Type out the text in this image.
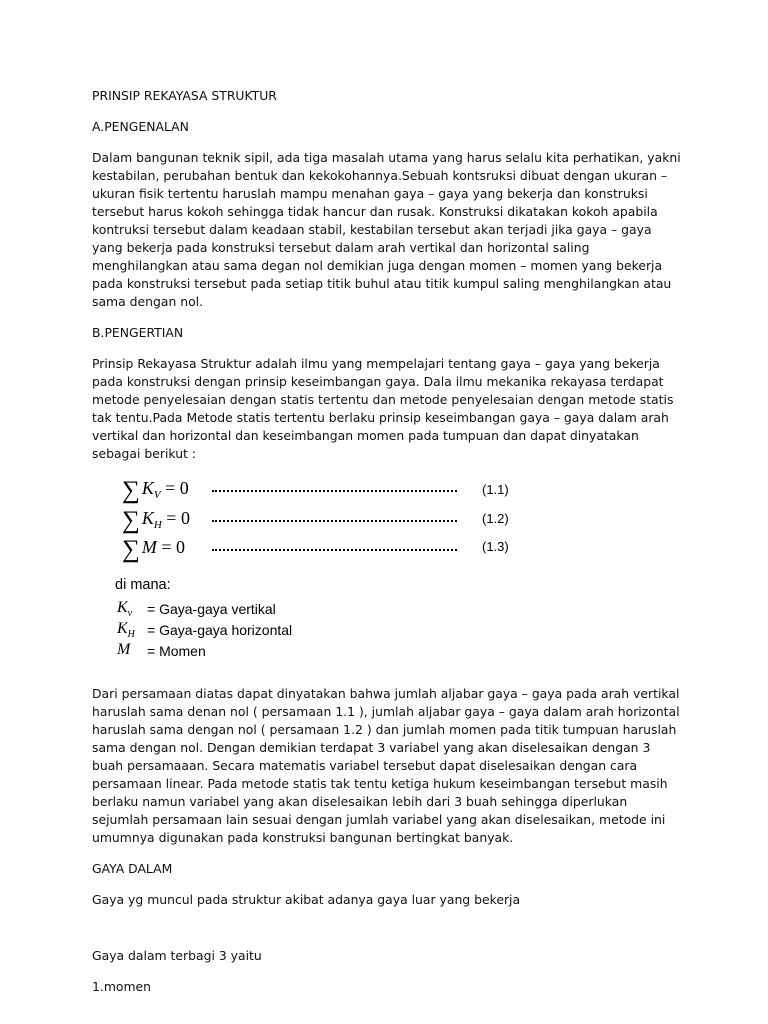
PRINSIP REKAYASA STRUKTUR

A.PENGENALAN

Dalam bangunan teknik sipil, ada tiga masalah utama yang harus selalu kita perhatikan, yakni kestabilan, perubahan bentuk dan kekokohannya.Sebuah kontsruksi dibuat dengan ukuran – ukuran fisik tertentu haruslah mampu menahan gaya – gaya yang bekerja dan konstruksi tersebut harus kokoh sehingga tidak hancur dan rusak. Konstruksi dikatakan kokoh apabila kontruksi tersebut dalam keadaan stabil, kestabilan tersebut akan terjadi jika gaya – gaya yang bekerja pada konstruksi tersebut dalam arah vertikal dan horizontal saling menghilangkan atau sama degan nol demikian juga dengan momen – momen yang bekerja pada konstruksi tersebut pada setiap titik buhul atau titik kumpul saling menghilangkan atau sama dengan nol.

B.PENGERTIAN

Prinsip Rekayasa Struktur adalah ilmu yang mempelajari tentang gaya – gaya yang bekerja pada konstruksi dengan prinsip keseimbangan gaya. Dala ilmu mekanika rekayasa terdapat metode penyelesaian dengan statis tertentu dan metode penyelesaian dengan metode statis tak tentu.Pada Metode statis tertentu berlaku prinsip keseimbangan gaya – gaya dalam arah vertikal dan horizontal dan keseimbangan momen pada tumpuan dan dapat dinyatakan sebagai berikut :

∑ $K_V = 0$	(1.1)
∑ $K_H = 0$	(1.2)
∑ M = 0	(1.3)
di mana:
$K_v$ = Gaya-gaya vertikal
$K_H$ = Gaya-gaya horizontal
M = Momen

Dari persamaan diatas dapat dinyatakan bahwa jumlah aljabar gaya – gaya pada arah vertikal haruslah sama denan nol ( persamaan 1.1 ), jumlah aljabar gaya – gaya dalam arah horizontal haruslah sama dengan nol ( persamaan 1.2 ) dan jumlah momen pada titik tumpuan haruslah sama dengan nol. Dengan demikian terdapat 3 variabel yang akan diselesaikan dengan 3 buah persamaaan. Secara matematis variabel tersebut dapat diselesaikan dengan cara persamaan linear. Pada metode statis tak tentu ketiga hukum keseimbangan tersebut masih berlaku namun variabel yang akan diselesaikan lebih dari 3 buah sehingga diperlukan sejumlah persamaan lain sesuai dengan jumlah variabel yang akan diselesaikan, metode ini umumnya digunakan pada konstruksi bangunan bertingkat banyak.

GAYA DALAM

Gaya yg muncul pada struktur akibat adanya gaya luar yang bekerja

Gaya dalam terbagi 3 yaitu

1.momen
